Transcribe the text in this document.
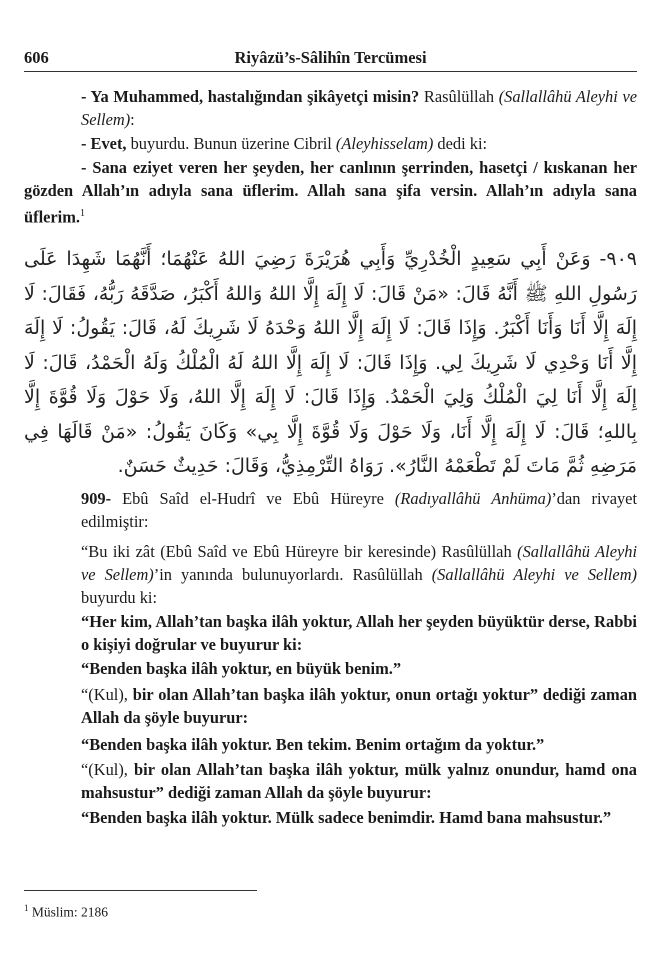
606	Riyâzü’s-Sâlihîn Tercümesi

- Ya Muhammed, hastalığından şikâyetçi misin? Rasûlüllah (Sallallâhü Aleyhi ve Sellem):

- Evet, buyurdu. Bunun üzerine Cibril (Aleyhisselam) dedi ki:

- Sana eziyet veren her şeyden, her canlının şerrinden, hasetçi / kıskanan her gözden Allah’ın adıyla sana üflerim. Allah sana şifa versin. Allah’ın adıyla sana üflerim.$^1$

٩٠٩- وَعَنْ أَبِي سَعِيدٍ الْخُدْرِيِّ وَأَبِي هُرَيْرَةَ رَضِيَ اللهُ عَنْهُمَا؛ أَنَّهُمَا شَهِدَا عَلَى رَسُولِ اللهِ ﷺ أَنَّهُ قَالَ: «مَنْ قَالَ: لَا إِلَهَ إِلَّا اللهُ وَاللهُ أَكْبَرُ، صَدَّقَهُ رَبُّهُ، فَقَالَ: لَا إِلَهَ إِلَّا أَنَا وَأَنَا أَكْبَرُ. وَإِذَا قَالَ: لَا إِلَهَ إِلَّا اللهُ وَحْدَهُ لَا شَرِيكَ لَهُ، قَالَ: يَقُولُ: لَا إِلَهَ إِلَّا أَنَا وَحْدِي لَا شَرِيكَ لِي. وَإِذَا قَالَ: لَا إِلَهَ إِلَّا اللهُ لَهُ الْمُلْكُ وَلَهُ الْحَمْدُ، قَالَ: لَا إِلَهَ إِلَّا أَنَا لِيَ الْمُلْكُ وَلِيَ الْحَمْدُ. وَإِذَا قَالَ: لَا إِلَهَ إِلَّا اللهُ، وَلَا حَوْلَ وَلَا قُوَّةَ إِلَّا بِاللهِ؛ قَالَ: لَا إِلَهَ إِلَّا أَنَا، وَلَا حَوْلَ وَلَا قُوَّةَ إِلَّا بِي» وَكَانَ يَقُولُ: «مَنْ قَالَهَا فِي مَرَضِهِ ثُمَّ مَاتَ لَمْ تَطْعَمْهُ النَّارُ». رَوَاهُ التِّرْمِذِيُّ، وَقَالَ: حَدِيثٌ حَسَنٌ.
909- Ebû Saîd el-Hudrî ve Ebû Hüreyre (Radıyallâhü Anhüma)’dan rivayet edilmiştir:
“Bu iki zât (Ebû Saîd ve Ebû Hüreyre bir keresinde) Rasûlüllah (Sallallâhü Aleyhi ve Sellem)’in yanında bulunuyorlardı. Rasûlüllah (Sallallâhü Aleyhi ve Sellem) buyurdu ki:
“Her kim, Allah’tan başka ilâh yoktur, Allah her şeyden büyüktür derse, Rabbi o kişiyi doğrular ve buyurur ki:
“Benden başka ilâh yoktur, en büyük benim.”
“(Kul), bir olan Allah’tan başka ilâh yoktur, onun ortağı yoktur” dediği zaman Allah da şöyle buyurur:
“Benden başka ilâh yoktur. Ben tekim. Benim ortağım da yoktur.”
“(Kul), bir olan Allah’tan başka ilâh yoktur, mülk yalnız onundur, hamd ona mahsustur” dediği zaman Allah da şöyle buyurur:
“Benden başka ilâh yoktur. Mülk sadece benimdir. Hamd bana mahsustur.”
$^1$ Müslim: 2186
